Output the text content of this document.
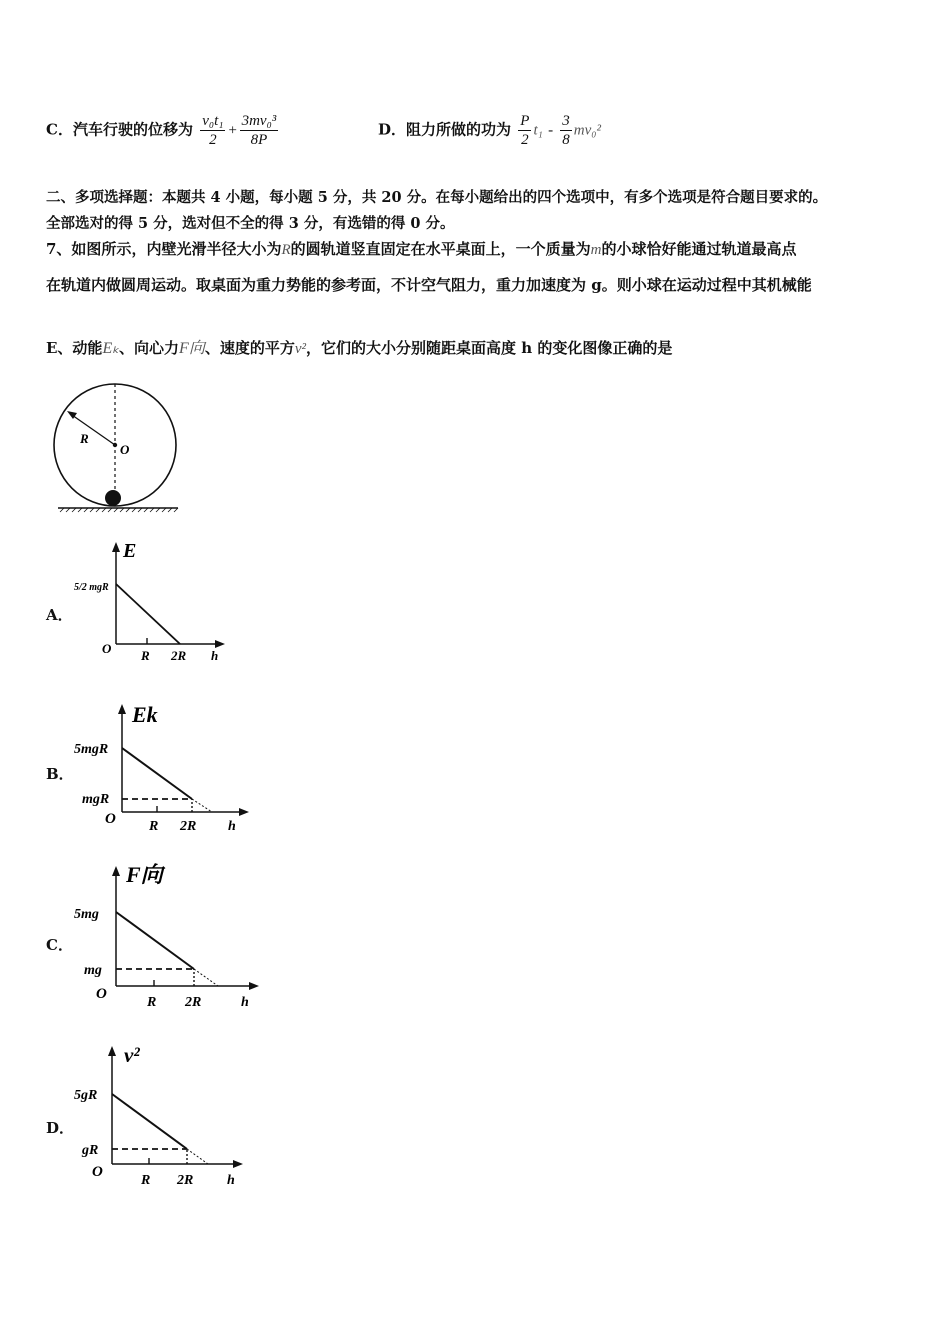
C．汽车行驶的位移为 $\frac{\text{v₀t₁}}{2} + \frac{\text{3mv₀³}}{8P}$	D．阻力所做的功为 $\frac{P}{2} t_1 - \frac{3}{8} mv_0^2$
二、多项选择题：本题共 4 小题，每小题 5 分，共 20 分。在每小题给出的四个选项中，有多个选项是符合题目要求的。
全部选对的得 5 分，选对但不全的得 3 分，有选错的得 0 分。
7、如图所示，内壁光滑半径大小为R的圆轨道竖直固定在水平桌面上，一个质量为m的小球恰好能通过轨道最高点
在轨道内做圆周运动。取桌面为重力势能的参考面，不计空气阻力，重力加速度为 g。则小球在运动过程中其机械能
E、动能Eₖ、向心力F向、速度的平方v²，它们的大小分别随距桌面高度 h 的变化图像正确的是
R
O
A．
E
5/2 mgR
O R 2R h
B．
Ek
5mgR
mgR
O R 2R h
C．
F向
5mg
mg
O
R 2R	h
D．
v²
5gR
gR
O
R 2R h
